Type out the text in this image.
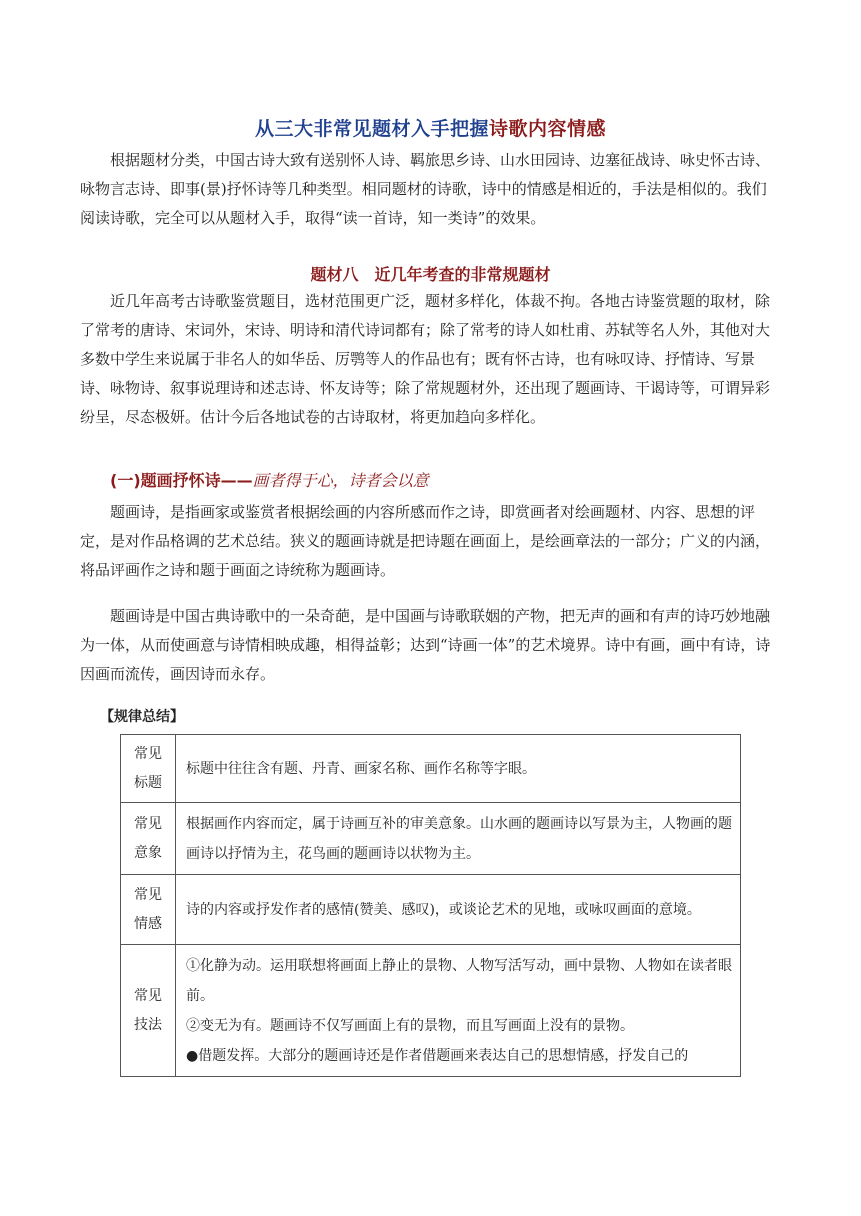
从三大非常见题材入手把握诗歌内容情感

根据题材分类，中国古诗大致有送别怀人诗、羁旅思乡诗、山水田园诗、边塞征战诗、咏史怀古诗、咏物言志诗、即事(景)抒怀诗等几种类型。相同题材的诗歌，诗中的情感是相近的，手法是相似的。我们阅读诗歌，完全可以从题材入手，取得“读一首诗，知一类诗”的效果。

题材八　近几年考查的非常规题材

近几年高考古诗歌鉴赏题目，选材范围更广泛，题材多样化，体裁不拘。各地古诗鉴赏题的取材，除了常考的唐诗、宋词外，宋诗、明诗和清代诗词都有；除了常考的诗人如杜甫、苏轼等名人外，其他对大多数中学生来说属于非名人的如华岳、厉鹗等人的作品也有；既有怀古诗，也有咏叹诗、抒情诗、写景诗、咏物诗、叙事说理诗和述志诗、怀友诗等；除了常规题材外，还出现了题画诗、干谒诗等，可谓异彩纷呈，尽态极妍。估计今后各地试卷的古诗取材，将更加趋向多样化。

(一)题画抒怀诗——画者得于心，诗者会以意

题画诗，是指画家或鉴赏者根据绘画的内容所感而作之诗，即赏画者对绘画题材、内容、思想的评定，是对作品格调的艺术总结。狭义的题画诗就是把诗题在画面上，是绘画章法的一部分；广义的内涵，将品评画作之诗和题于画面之诗统称为题画诗。

题画诗是中国古典诗歌中的一朵奇葩，是中国画与诗歌联姻的产物，把无声的画和有声的诗巧妙地融为一体，从而使画意与诗情相映成趣，相得益彰；达到“诗画一体”的艺术境界。诗中有画，画中有诗，诗因画而流传，画因诗而永存。

【规律总结】
常见
标题	标题中往往含有题、丹青、画家名称、画作名称等字眼。

常见
意象	根据画作内容而定，属于诗画互补的审美意象。山水画的题画诗以写景为主，人物画的题画诗以抒情为主，花鸟画的题画诗以状物为主。

常见
情感	诗的内容或抒发作者的感情(赞美、感叹)，或谈论艺术的见地，或咏叹画面的意境。

常见
技法	①化静为动。运用联想将画面上静止的景物、人物写活写动，画中景物、人物如在读者眼前。
②变无为有。题画诗不仅写画面上有的景物，而且写画面上没有的景物。
●借题发挥。大部分的题画诗还是作者借题画来表达自己的思想情感，抒发自己的
